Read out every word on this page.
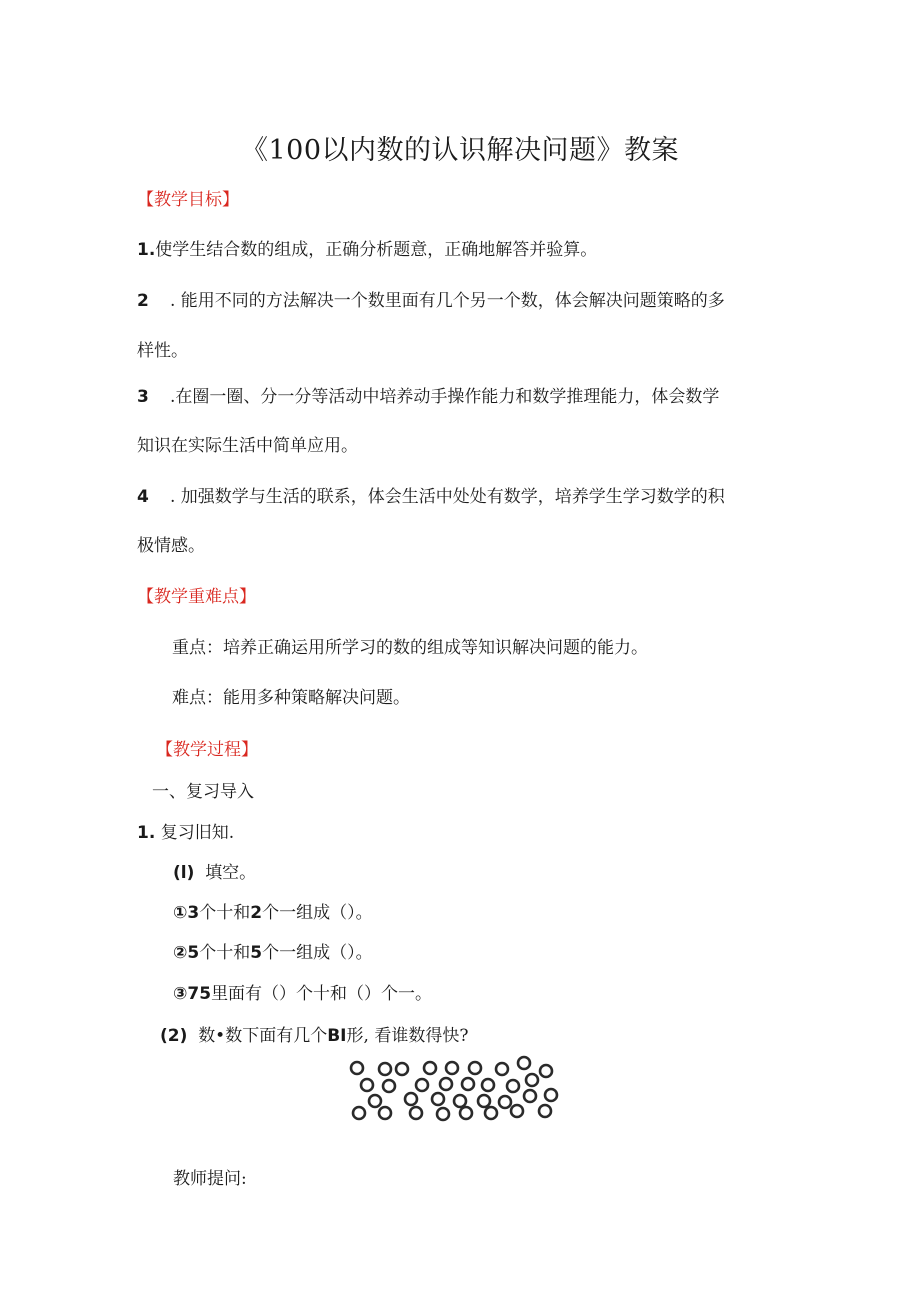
《100以内数的认识解决问题》教案
【教学目标】
1.使学生结合数的组成，正确分析题意，正确地解答并验算。
2 . 能用不同的方法解决一个数里面有几个另一个数，体会解决问题策略的多
样性。
3 .在圈一圈、分一分等活动中培养动手操作能力和数学推理能力，体会数学
知识在实际生活中简单应用。
4 . 加强数学与生活的联系，体会生活中处处有数学，培养学生学习数学的积
极情感。
【教学重难点】
重点：培养正确运用所学习的数的组成等知识解决问题的能力。
难点：能用多种策略解决问题。
【教学过程】
一、复习导入
1. 复习旧知.
(l) 填空。
①3个十和2个一组成（）。
②5个十和5个一组成（）。
③75里面有（）个十和（）个一。
(2) 数•数下面有几个BI形, 看谁数得快?
教师提问:
